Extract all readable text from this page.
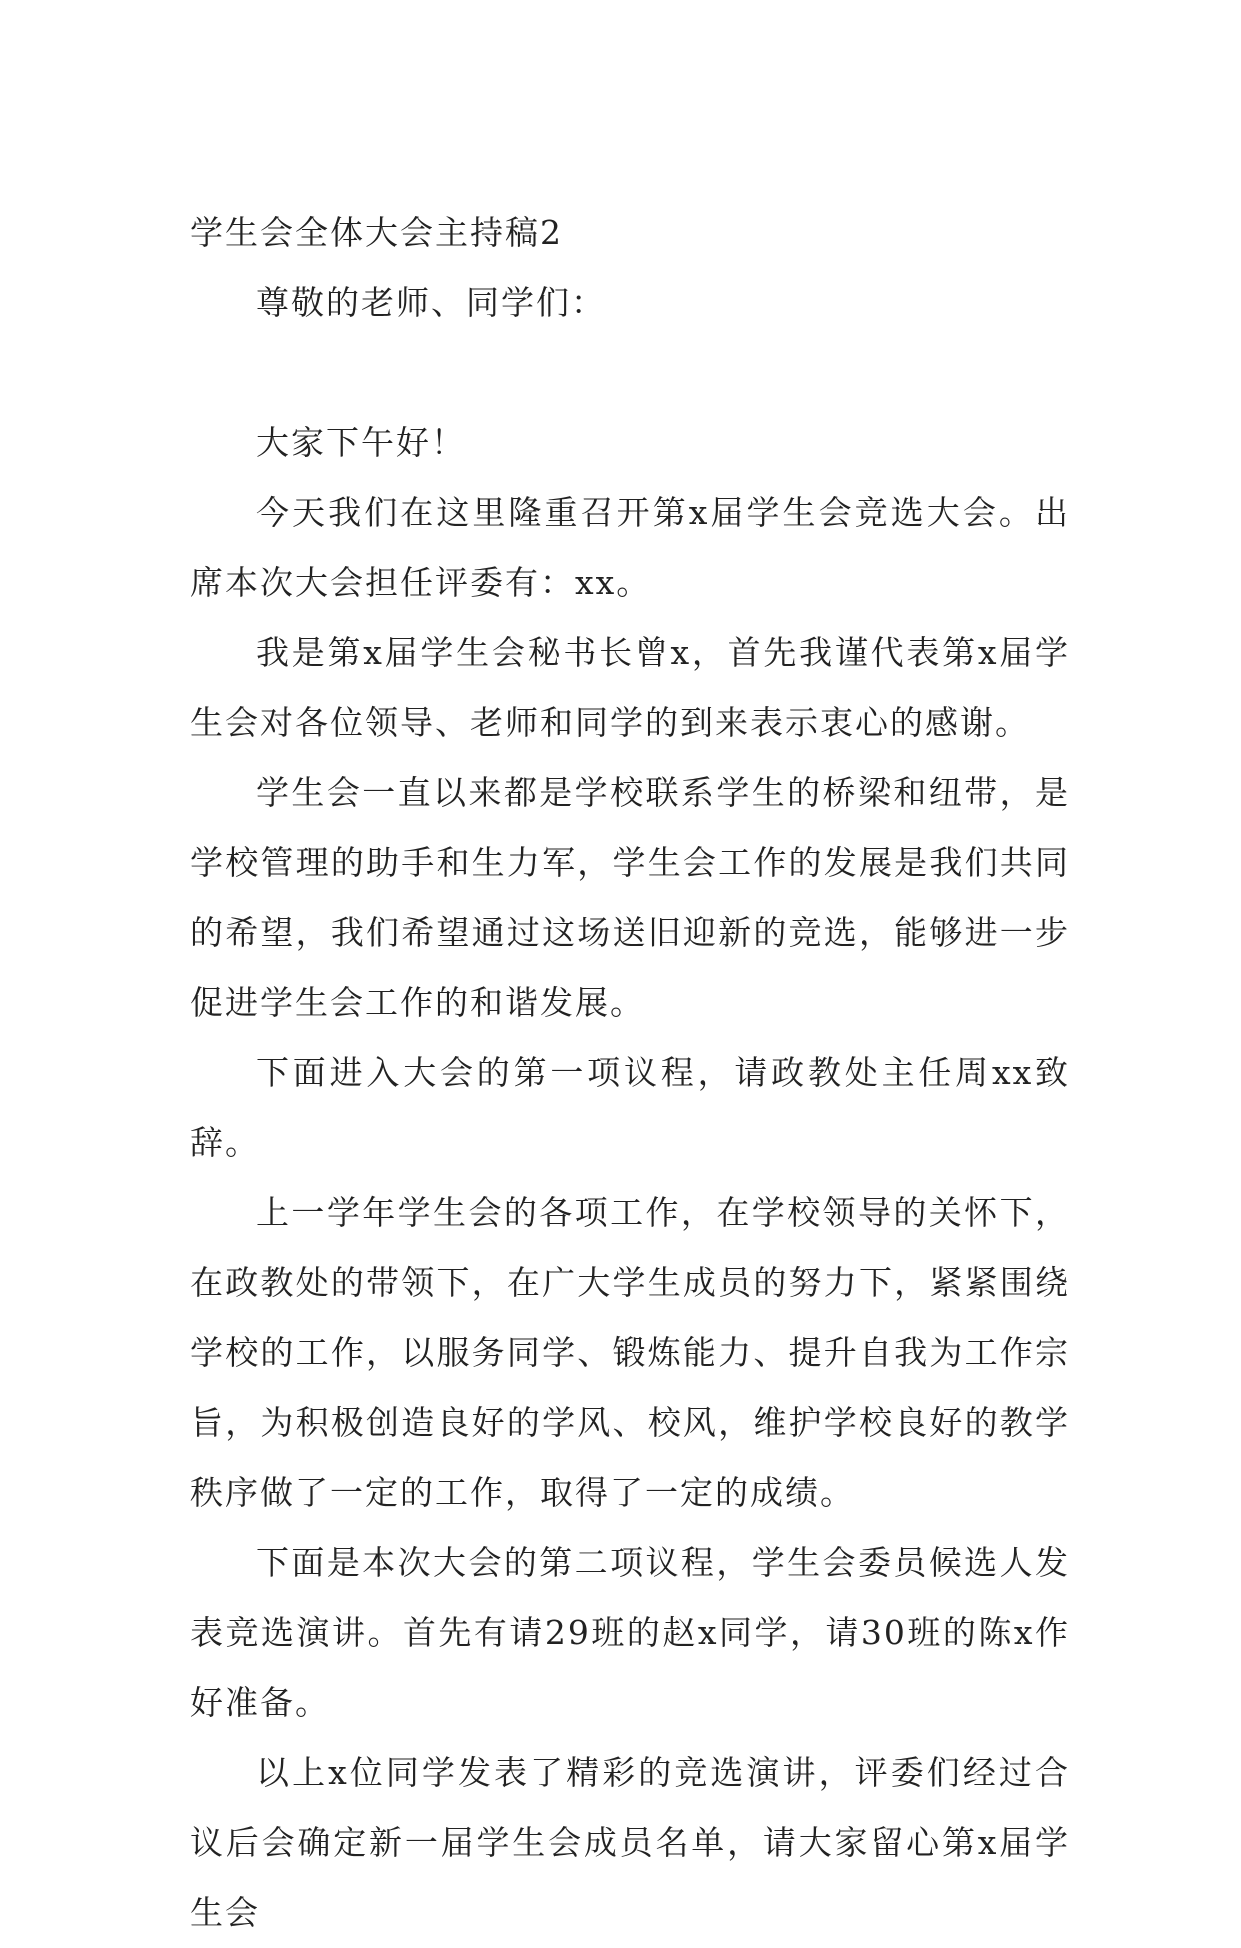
学生会全体大会主持稿2

尊敬的老师、同学们：

大家下午好！

今天我们在这里隆重召开第x届学生会竞选大会。出席本次大会担任评委有：xx。

我是第x届学生会秘书长曾x，首先我谨代表第x届学生会对各位领导、老师和同学的到来表示衷心的感谢。

学生会一直以来都是学校联系学生的桥梁和纽带，是学校管理的助手和生力军，学生会工作的发展是我们共同的希望，我们希望通过这场送旧迎新的竞选，能够进一步促进学生会工作的和谐发展。

下面进入大会的第一项议程，请政教处主任周xx致辞。

上一学年学生会的各项工作，在学校领导的关怀下，在政教处的带领下，在广大学生成员的努力下，紧紧围绕学校的工作，以服务同学、锻炼能力、提升自我为工作宗旨，为积极创造良好的学风、校风，维护学校良好的教学秩序做了一定的工作，取得了一定的成绩。

下面是本次大会的第二项议程，学生会委员候选人发表竞选演讲。首先有请29班的赵x同学，请30班的陈x作好准备。

以上x位同学发表了精彩的竞选演讲，评委们经过合议后会确定新一届学生会成员名单，请大家留心第x届学生会
